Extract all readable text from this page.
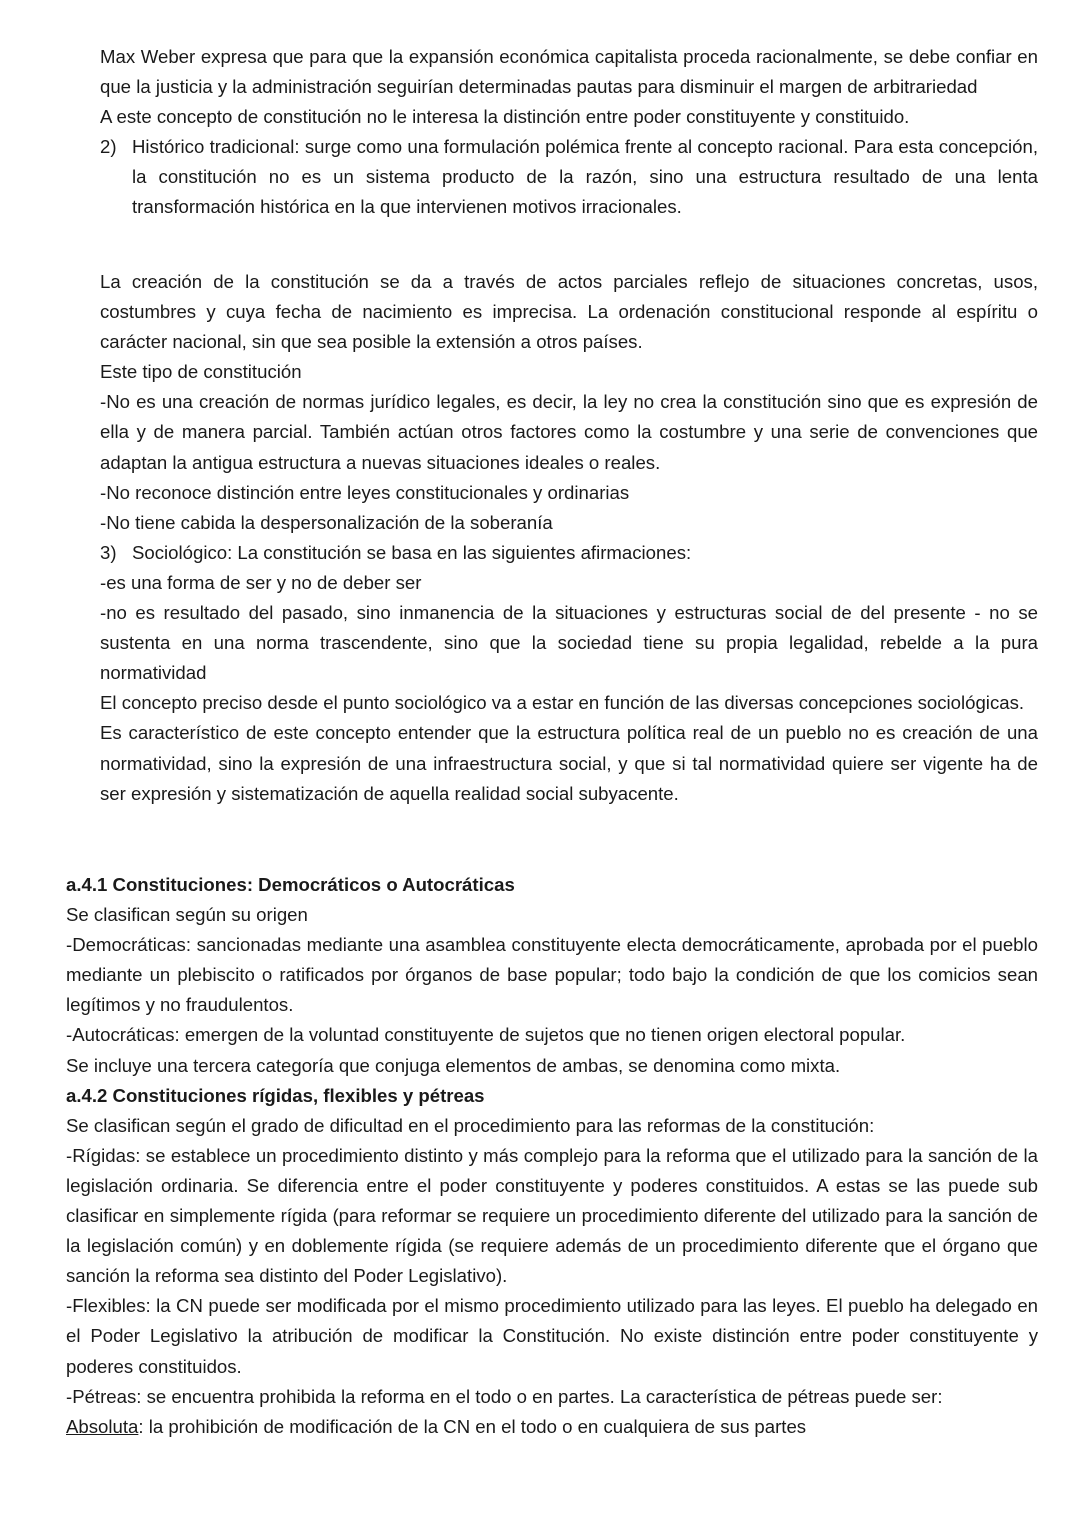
Max Weber expresa que para que la expansión económica capitalista proceda racionalmente, se debe confiar en que la justicia y la administración seguirían determinadas pautas para disminuir el margen de arbitrariedad

A este concepto de constitución no le interesa la distinción entre poder constituyente y constituido.

2) Histórico tradicional: surge como una formulación polémica frente al concepto racional. Para esta concepción, la constitución no es un sistema producto de la razón, sino una estructura resultado de una lenta transformación histórica en la que intervienen motivos irracionales.

La creación de la constitución se da a través de actos parciales reflejo de situaciones concretas, usos, costumbres y cuya fecha de nacimiento es imprecisa. La ordenación constitucional responde al espíritu o carácter nacional, sin que sea posible la extensión a otros países.

Este tipo de constitución

-No es una creación de normas jurídico legales, es decir, la ley no crea la constitución sino que es expresión de ella y de manera parcial. También actúan otros factores como la costumbre y una serie de convenciones que adaptan la antigua estructura a nuevas situaciones ideales o reales.

-No reconoce distinción entre leyes constitucionales y ordinarias

-No tiene cabida la despersonalización de la soberanía

3) Sociológico: La constitución se basa en las siguientes afirmaciones:

-es una forma de ser y no de deber ser

-no es resultado del pasado, sino inmanencia de la situaciones y estructuras social de del presente - no se sustenta en una norma trascendente, sino que la sociedad tiene su propia legalidad, rebelde a la pura normatividad

El concepto preciso desde el punto sociológico va a estar en función de las diversas concepciones sociológicas.

Es característico de este concepto entender que la estructura política real de un pueblo no es creación de una normatividad, sino la expresión de una infraestructura social, y que si tal normatividad quiere ser vigente ha de ser expresión y sistematización de aquella realidad social subyacente.

a.4.1 Constituciones: Democráticos o Autocráticas

Se clasifican según su origen

-Democráticas: sancionadas mediante una asamblea constituyente electa democráticamente, aprobada por el pueblo mediante un plebiscito o ratificados por órganos de base popular; todo bajo la condición de que los comicios sean legítimos y no fraudulentos.

-Autocráticas: emergen de la voluntad constituyente de sujetos que no tienen origen electoral popular.

Se incluye una tercera categoría que conjuga elementos de ambas, se denomina como mixta.

a.4.2 Constituciones rígidas, flexibles y pétreas

Se clasifican según el grado de dificultad en el procedimiento para las reformas de la constitución:

-Rígidas: se establece un procedimiento distinto y más complejo para la reforma que el utilizado para la sanción de la legislación ordinaria. Se diferencia entre el poder constituyente y poderes constituidos. A estas se las puede sub clasificar en simplemente rígida (para reformar se requiere un procedimiento diferente del utilizado para la sanción de la legislación común) y en doblemente rígida (se requiere además de un procedimiento diferente que el órgano que sanción la reforma sea distinto del Poder Legislativo).

-Flexibles: la CN puede ser modificada por el mismo procedimiento utilizado para las leyes. El pueblo ha delegado en el Poder Legislativo la atribución de modificar la Constitución. No existe distinción entre poder constituyente y poderes constituidos.

-Pétreas: se encuentra prohibida la reforma en el todo o en partes. La característica de pétreas puede ser:

Absoluta: la prohibición de modificación de la CN en el todo o en cualquiera de sus partes
